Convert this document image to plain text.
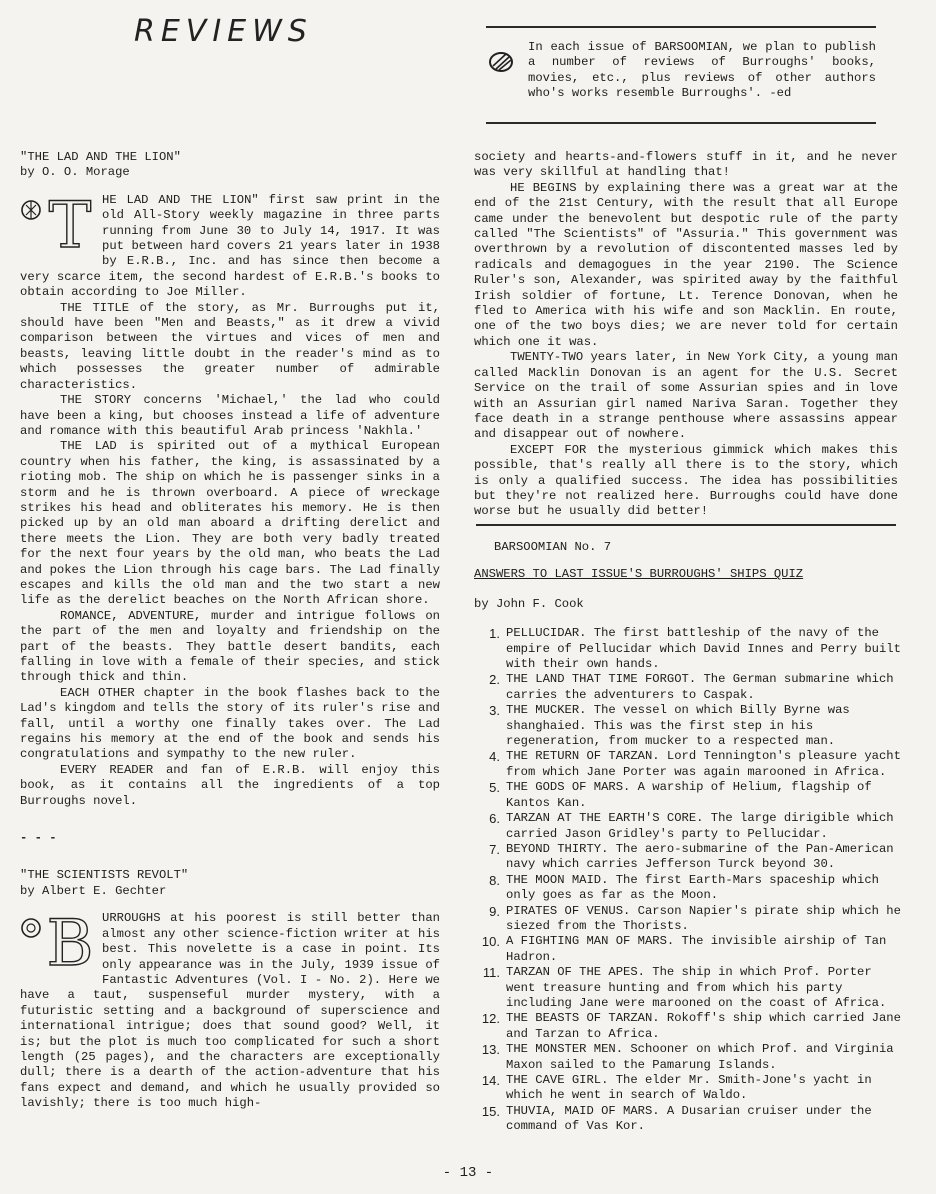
REVIEWS	In each issue of BARSOOMIAN, we plan to publish a number of reviews of Burroughs' books, movies, etc., plus reviews of other authors who's works resemble Burroughs'. -ed

"THE LAD AND THE LION"

by O. O. Morage

T HE LAD AND THE LION" first saw print in the old All-Story weekly magazine in three parts running from June 30 to July 14, 1917. It was put between hard covers 21 years later in 1938 by E.R.B., Inc. and has since then become a very scarce item, the second hardest of E.R.B.'s books to obtain according to Joe Miller.

THE TITLE of the story, as Mr. Burroughs put it, should have been "Men and Beasts," as it drew a vivid comparison between the virtues and vices of men and beasts, leaving little doubt in the reader's mind as to which possesses the greater number of admirable characteristics.

THE STORY concerns 'Michael,' the lad who could have been a king, but chooses instead a life of adventure and romance with this beautiful Arab princess 'Nakhla.'

THE LAD is spirited out of a mythical European country when his father, the king, is assassinated by a rioting mob. The ship on which he is passenger sinks in a storm and he is thrown overboard. A piece of wreckage strikes his head and obliterates his memory. He is then picked up by an old man aboard a drifting derelict and there meets the Lion. They are both very badly treated for the next four years by the old man, who beats the Lad and pokes the Lion through his cage bars. The Lad finally escapes and kills the old man and the two start a new life as the derelict beaches on the North African shore.

ROMANCE, ADVENTURE, murder and intrigue follows on the part of the men and loyalty and friendship on the part of the beasts. They battle desert bandits, each falling in love with a female of their species, and stick through thick and thin.

EACH OTHER chapter in the book flashes back to the Lad's kingdom and tells the story of its ruler's rise and fall, until a worthy one finally takes over. The Lad regains his memory at the end of the book and sends his congratulations and sympathy to the new ruler.

EVERY READER and fan of E.R.B. will enjoy this book, as it contains all the ingredients of a top Burroughs novel.

- - -

"THE SCIENTISTS REVOLT"

by Albert E. Gechter

B URROUGHS at his poorest is still better than almost any other science-fiction writer at his best. This novelette is a case in point. Its only appearance was in the July, 1939 issue of Fantastic Adventures (Vol. I - No. 2). Here we have a taut, suspenseful murder mystery, with a futuristic setting and a background of superscience and international intrigue; does that sound good? Well, it is; but the plot is much too complicated for such a short length (25 pages), and the characters are exceptionally dull; there is a dearth of the action-adventure that his fans expect and demand, and which he usually provided so lavishly; there is too much high-

society and hearts-and-flowers stuff in it, and he never was very skillful at handling that!

HE BEGINS by explaining there was a great war at the end of the 21st Century, with the result that all Europe came under the benevolent but despotic rule of the party called "The Scientists" of "Assuria." This government was overthrown by a revolution of discontented masses led by radicals and demagogues in the year 2190. The Science Ruler's son, Alexander, was spirited away by the faithful Irish soldier of fortune, Lt. Terence Donovan, when he fled to America with his wife and son Macklin. En route, one of the two boys dies; we are never told for certain which one it was.

TWENTY-TWO years later, in New York City, a young man called Macklin Donovan is an agent for the U.S. Secret Service on the trail of some Assurian spies and in love with an Assurian girl named Nariva Saran. Together they face death in a strange penthouse where assassins appear and disappear out of nowhere.

EXCEPT FOR the mysterious gimmick which makes this possible, that's really all there is to the story, which is only a qualified success. The idea has possibilities but they're not realized here. Burroughs could have done worse but he usually did better!

BARSOOMIAN No. 7

ANSWERS TO LAST ISSUE'S BURROUGHS' SHIPS QUIZ

by John F. Cook

1. PELLUCIDAR. The first battleship of the navy of the empire of Pellucidar which David Innes and Perry built with their own hands.
2. THE LAND THAT TIME FORGOT. The German submarine which carries the adventurers to Caspak.
3. THE MUCKER. The vessel on which Billy Byrne was shanghaied. This was the first step in his regeneration, from mucker to a respected man.
4. THE RETURN OF TARZAN. Lord Tennington's pleasure yacht from which Jane Porter was again marooned in Africa.
5. THE GODS OF MARS. A warship of Helium, flagship of Kantos Kan.
6. TARZAN AT THE EARTH'S CORE. The large dirigible which carried Jason Gridley's party to Pellucidar.
7. BEYOND THIRTY. The aero-submarine of the Pan-American navy which carries Jefferson Turck beyond 30.
8. THE MOON MAID. The first Earth-Mars spaceship which only goes as far as the Moon.
9. PIRATES OF VENUS. Carson Napier's pirate ship which he siezed from the Thorists.
10. A FIGHTING MAN OF MARS. The invisible airship of Tan Hadron.
11. TARZAN OF THE APES. The ship in which Prof. Porter went treasure hunting and from which his party including Jane were marooned on the coast of Africa.
12. THE BEASTS OF TARZAN. Rokoff's ship which carried Jane and Tarzan to Africa.
13. THE MONSTER MEN. Schooner on which Prof. and Virginia Maxon sailed to the Pamarung Islands.
14. THE CAVE GIRL. The elder Mr. Smith-Jone's yacht in which he went in search of Waldo.
15. THUVIA, MAID OF MARS. A Dusarian cruiser under the command of Vas Kor.
- 13 -
